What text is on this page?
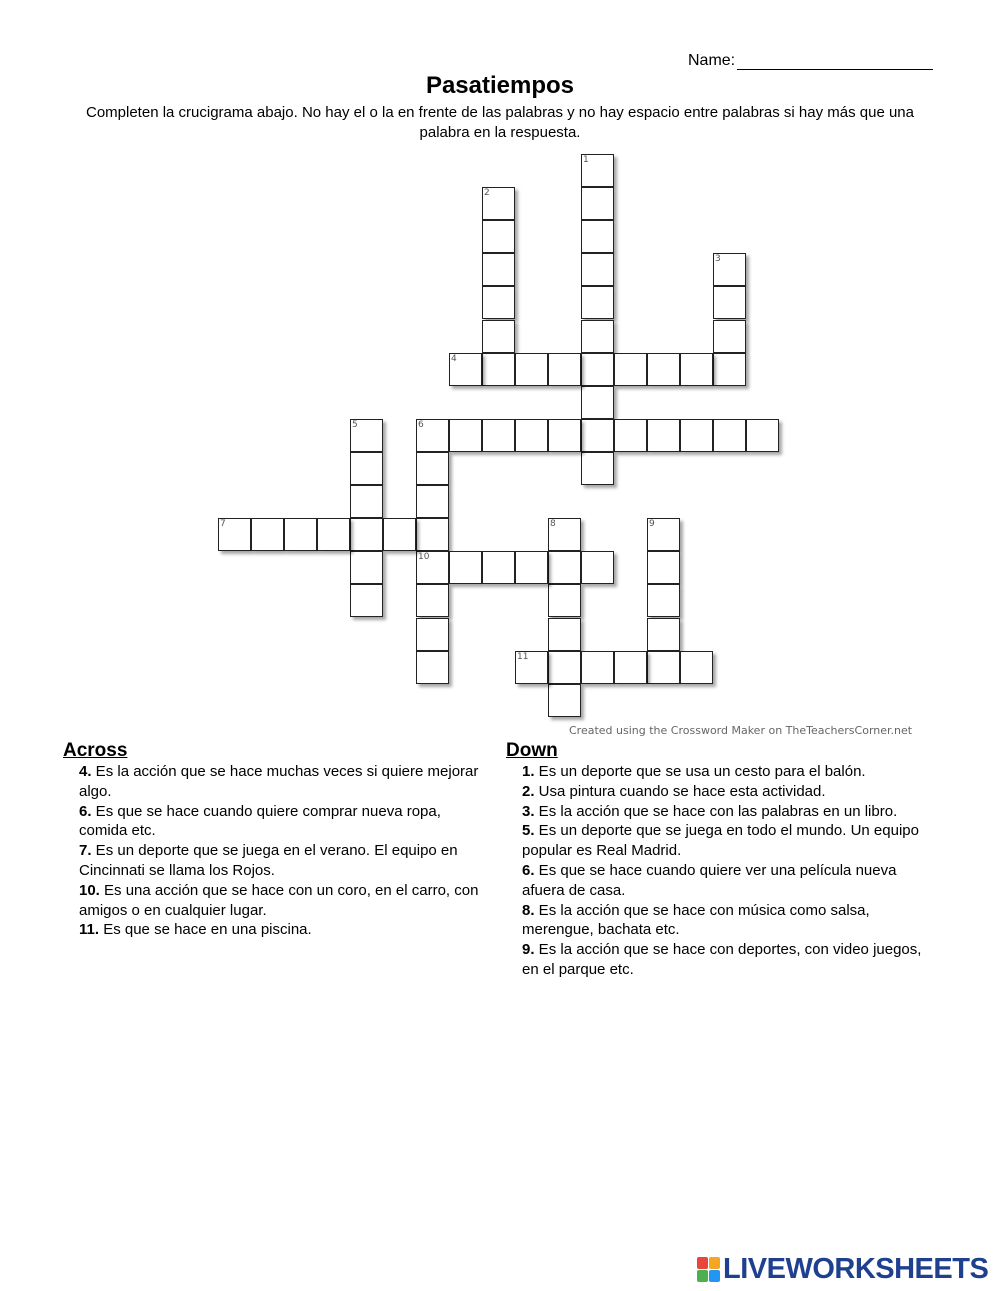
Name:
Pasatiempos
Completen la crucigrama abajo. No hay el o la en frente de las palabras y no hay espacio entre palabras si hay más que una palabra en la respuesta.
1
2
3
4
5	6
7	8	9
10
11
Created using the Crossword Maker on TheTeachersCorner.net
Across
4. Es la acción que se hace muchas veces si quiere mejorar algo.
6. Es que se hace cuando quiere comprar nueva ropa, comida etc.
7. Es un deporte que se juega en el verano. El equipo en Cincinnati se llama los Rojos.
10. Es una acción que se hace con un coro, en el carro, con amigos o en cualquier lugar.
11. Es que se hace en una piscina.
Down
1. Es un deporte que se usa un cesto para el balón.
2. Usa pintura cuando se hace esta actividad.
3. Es la acción que se hace con las palabras en un libro.
5. Es un deporte que se juega en todo el mundo. Un equipo popular es Real Madrid.
6. Es que se hace cuando quiere ver una película nueva afuera de casa.
8. Es la acción que se hace con música como salsa, merengue, bachata etc.
9. Es la acción que se hace con deportes, con video juegos, en el parque etc.
LIVEWORKSHEETS
